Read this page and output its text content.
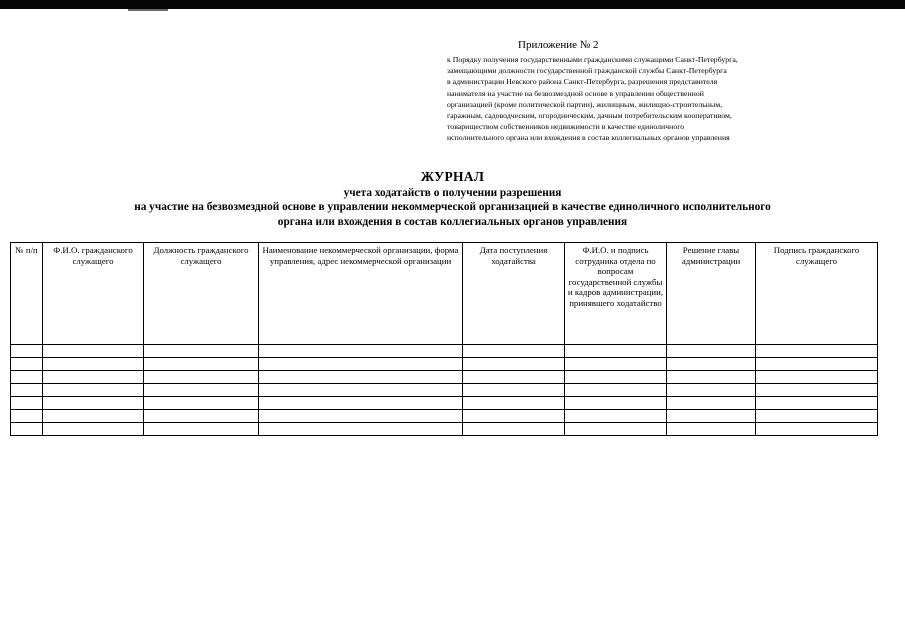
Приложение № 2
к Порядку получения государственными гражданскими служащими Санкт-Петербурга,
замещающими должности государственной гражданской службы Санкт-Петербурга
в администрации Невского района Санкт-Петербурга, разрешения представителя
нанимателя на участие на безвозмездной основе в управлении общественной
организацией (кроме политической партии), жилищным, жилищно-строительным,
гаражным, садоводческим, огородническим, дачным потребительским кооперативом,
товариществом собственников недвижимости в качестве единоличного
исполнительного органа или вхождения в состав коллегиальных органов управления
ЖУРНАЛ
учета ходатайств о получении разрешения
на участие на безвозмездной основе в управлении некоммерческой организацией в качестве единоличного исполнительного
органа или вхождения в состав коллегиальных органов управления
№ п/п	Ф.И.О. гражданского служащего	Должность гражданского служащего	Наименование некоммерческой организации, форма управления, адрес некоммерческой организации	Дата поступления ходатайства	Ф.И.О. и подпись сотрудника отдела по вопросам государственной службы и кадров администрации, принявшего ходатайство	Решение главы администрации	Подпись гражданского служащего
